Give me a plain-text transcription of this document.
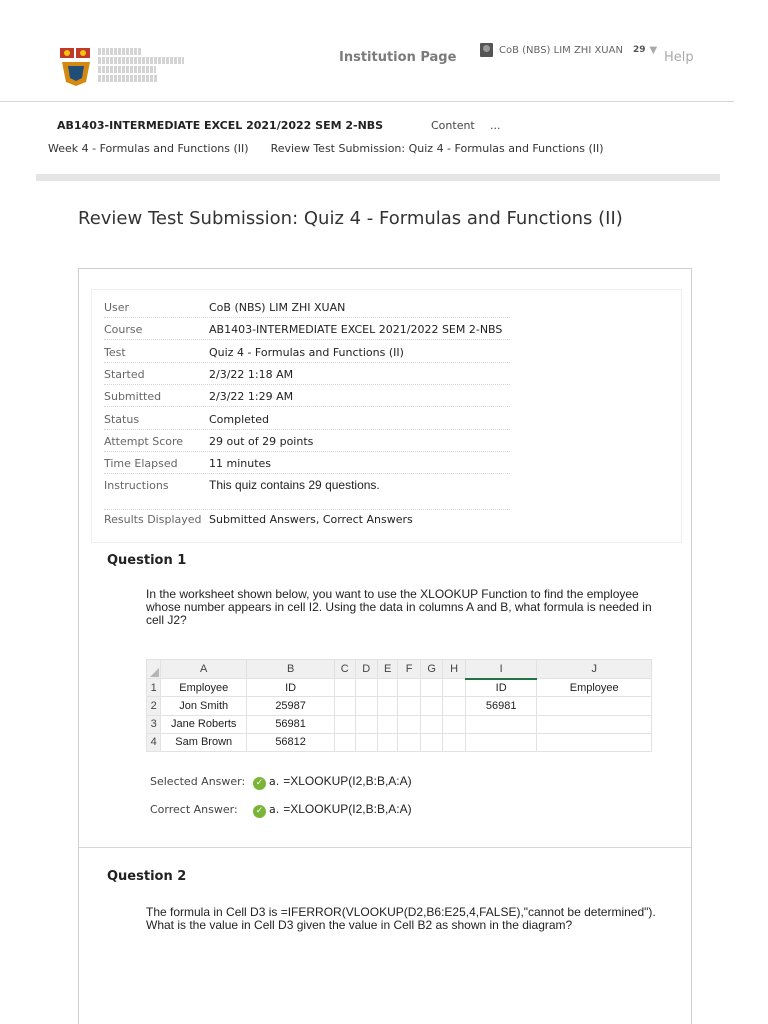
Institution Page	CoB (NBS) LIM ZHI XUAN 29 ▼ Help
AB1403-INTERMEDIATE EXCEL 2021/2022 SEM 2-NBS	Content ...
Week 4 - Formulas and Functions (II) Review Test Submission: Quiz 4 - Formulas and Functions (II)
Review Test Submission: Quiz 4 - Formulas and Functions (II)
User	CoB (NBS) LIM ZHI XUAN
Course	AB1403-INTERMEDIATE EXCEL 2021/2022 SEM 2-NBS
Test	Quiz 4 - Formulas and Functions (II)
Started	2/3/22 1:18 AM
Submitted	2/3/22 1:29 AM
Status	Completed
Attempt Score 29 out of 29 points
Time Elapsed	11 minutes
Instructions	This quiz contains 29 questions.
Results Displayed Submitted Answers, Correct Answers
Question 1
In the worksheet shown below, you want to use the XLOOKUP Function to find the employee whose number appears in cell I2. Using the data in columns A and B, what formula is needed in cell J2?
	A	B	C	D	E	F	G	H	I	J
1	Employee	ID							ID	Employee
2	Jon Smith	25987							56981	
3	Jane Roberts	56981								
4	Sam Brown	56812								
Selected Answer:	✓ a. =XLOOKUP(I2,B:B,A:A)
Correct Answer:	✓ a. =XLOOKUP(I2,B:B,A:A)
Question 2
The formula in Cell D3 is =IFERROR(VLOOKUP(D2,B6:E25,4,FALSE),"cannot be determined"). What is the value in Cell D3 given the value in Cell B2 as shown in the diagram?
